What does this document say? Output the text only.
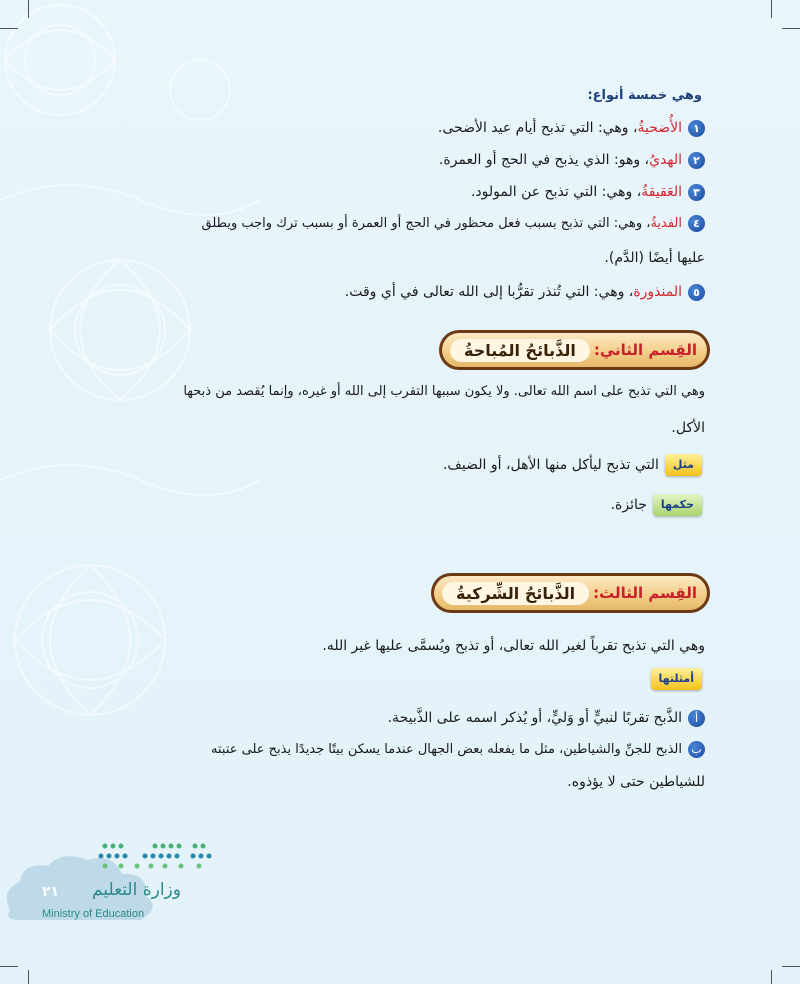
وهي خمسة أنواع:
١الأُضحيةُ، وهي: التي تذبح أيام عيد الأضحى.
٢الهديُ، وهو: الذي يذبح في الحج أو العمرة.
٣العَقيقةُ، وهي: التي تذبح عن المولود.
٤الفديةُ، وهي: التي تذبح بسبب فعل محظور في الحج أو العمرة أو بسبب ترك واجب ويطلق
عليها أيضًا (الدَّم).
٥المنذورة، وهي: التي تُنذر تقرُّبا إلى الله تعالى في أي وقت.
القِسم الثاني:
الذَّبائحُ المُباحةُ
وهي التي تذبح على اسم الله تعالى. ولا يكون سببها التقرب إلى الله أو غيره، وإنما يُقصد من ذبحها
الأكل.
مثلالتي تذبح ليأكل منها الأهل، أو الضيف.
حكمهاجائزة.
القِسم الثالث:
الذَّبائحُ الشِّركيةُ
وهي التي تذبح تقرباً لغير الله تعالى، أو تذبح ويُسمَّى عليها غير الله.
أمثلتها
أالذَّبح تقربًا لنبيٍّ أو وَليٍّ، أو يُذكر اسمه على الذَّبيحة.
بالذبح للجنِّ والشياطين، مثل ما يفعله بعض الجهال عندما يسكن بيتًا جديدًا يذبح على عتبته
للشياطين حتى لا يؤذوه.
وزارة التعليم
٢١
Ministry of Education
